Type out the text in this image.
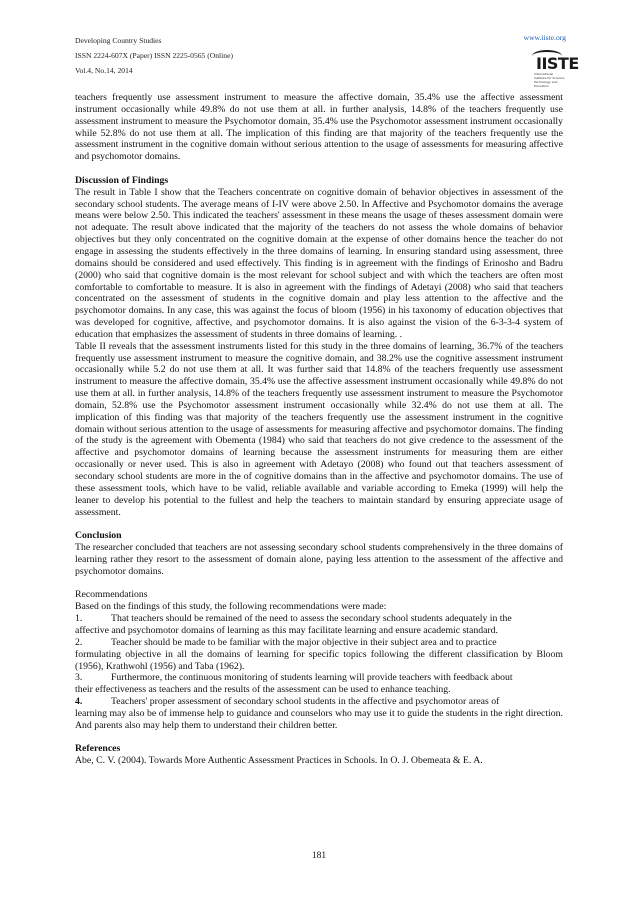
Developing Country Studies
ISSN 2224-607X (Paper) ISSN 2225-0565 (Online)
Vol.4, No.14, 2014
www.iiste.org
IISTE
International Institute for Science, Technology and Education

teachers frequently use assessment instrument to measure the affective domain, 35.4% use the affective assessment instrument occasionally while 49.8% do not use them at all. in further analysis, 14.8% of the teachers frequently use assessment instrument to measure the Psychomotor domain, 35.4% use the Psychomotor assessment instrument occasionally while 52.8% do not use them at all. The implication of this finding are that majority of the teachers frequently use the assessment instrument in the cognitive domain without serious attention to the usage of assessments for measuring affective and psychomotor domains.

Discussion of Findings

The result in Table I show that the Teachers concentrate on cognitive domain of behavior objectives in assessment of the secondary school students. The average means of I-IV were above 2.50. In Affective and Psychomotor domains the average means were below 2.50. This indicated the teachers' assessment in these means the usage of theses assessment domain were not adequate. The result above indicated that the majority of the teachers do not assess the whole domains of behavior objectives but they only concentrated on the cognitive domain at the expense of other domains hence the teacher do not engage in assessing the students effectively in the three domains of learning. In ensuring standard using assessment, three domains should be considered and used effectively. This finding is in agreement with the findings of Erinosho and Badru (2000) who said that cognitive domain is the most relevant for school subject and with which the teachers are often most comfortable to comfortable to measure. It is also in agreement with the findings of Adetayi (2008) who said that teachers concentrated on the assessment of students in the cognitive domain and play less attention to the affective and the psychomotor domains. In any case, this was against the focus of bloom (1956) in his taxonomy of education objectives that was developed for cognitive, affective, and psychomotor domains. It is also against the vision of the 6-3-3-4 system of education that emphasizes the assessment of students in three domains of learning. .

Table II reveals that the assessment instruments listed for this study in the three domains of learning, 36.7% of the teachers frequently use assessment instrument to measure the cognitive domain, and 38.2% use the cognitive assessment instrument occasionally while 5.2 do not use them at all. It was further said that 14.8% of the teachers frequently use assessment instrument to measure the affective domain, 35.4% use the affective assessment instrument occasionally while 49.8% do not use them at all. in further analysis, 14.8% of the teachers frequently use assessment instrument to measure the Psychomotor domain, 52.8% use the Psychomotor assessment instrument occasionally while 32.4% do not use them at all. The implication of this finding was that majority of the teachers frequently use the assessment instrument in the cognitive domain without serious attention to the usage of assessments for measuring affective and psychomotor domains. The finding of the study is the agreement with Obementa (1984) who said that teachers do not give credence to the assessment of the affective and psychomotor domains of learning because the assessment instruments for measuring them are either occasionally or never used. This is also in agreement with Adetayo (2008) who found out that teachers assessment of secondary school students are more in the of cognitive domains than in the affective and psychomotor domains. The use of these assessment tools, which have to be valid, reliable available and variable according to Emeka (1999) will help the leaner to develop his potential to the fullest and help the teachers to maintain standard by ensuring appreciate usage of assessment.

Conclusion

The researcher concluded that teachers are not assessing secondary school students comprehensively in the three domains of learning rather they resort to the assessment of domain alone, paying less attention to the assessment of the affective and psychomotor domains.

Recommendations

Based on the findings of this study, the following recommendations were made:

1.	That teachers should be remained of the need to assess the secondary school students adequately in the

affective and psychomotor domains of learning as this may facilitate learning and ensure academic standard.

2.	Teacher should be made to be familiar with the major objective in their subject area and to practice

formulating objective in all the domains of learning for specific topics following the different classification by Bloom (1956), Krathwohl (1956) and Taba (1962).

3.	Furthermore, the continuous monitoring of students learning will provide teachers with feedback about

their effectiveness as teachers and the results of the assessment can be used to enhance teaching.

4.	Teachers' proper assessment of secondary school students in the affective and psychomotor areas of

learning may also be of immense help to guidance and counselors who may use it to guide the students in the right direction. And parents also may help them to understand their children better.

References

Abe, C. V. (2004). Towards More Authentic Assessment Practices in Schools. In O. J. Obemeata & E. A.

181
